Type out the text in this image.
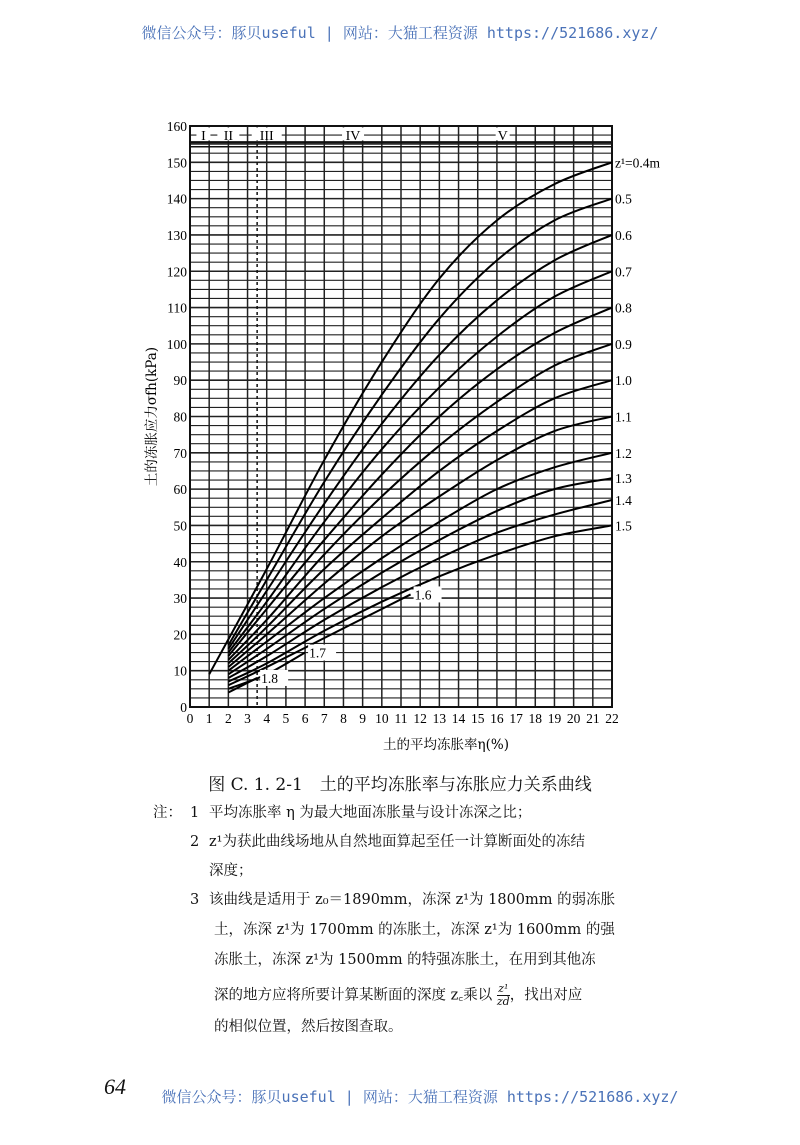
微信公众号：豚贝useful | 网站：大猫工程资源 https://521686.xyz/
I II III	IV	V
0 1 2 3 4 5 6 7 8 9 10 11 12 13 14 15 16 17 18 19 20 21 22
0
10
20
30
40
50
60
70
80
90
100
110
120
130
140
150
160
土的平均冻胀率η(%)
土的冻胀应力σfh(kPa)
z¹=0.4m
0.5
0.6
0.7
0.8
0.9
1.0
1.1
1.2
1.3
1.4
1.5
1.6
1.7
1.8
图 C. 1. 2-1　土的平均冻胀率与冻胀应力关系曲线
注： 1 平均冻胀率 η 为最大地面冻胀量与设计冻深之比；
2 z¹为获此曲线场地从自然地面算起至任一计算断面处的冻结
深度；
3 该曲线是适用于 z₀＝1890mm，冻深 z¹为 1800mm 的弱冻胀
土，冻深 z¹为 1700mm 的冻胀土，冻深 z¹为 1600mm 的强
冻胀土，冻深 z¹为 1500mm 的特强冻胀土，在用到其他冻
深的地方应将所要计算某断面的深度 z꜀乘以 $\frac{\text{z¹}}{zd}$ ，找出对应
的相似位置，然后按图查取。
64	微信公众号：豚贝useful | 网站：大猫工程资源 https://521686.xyz/
